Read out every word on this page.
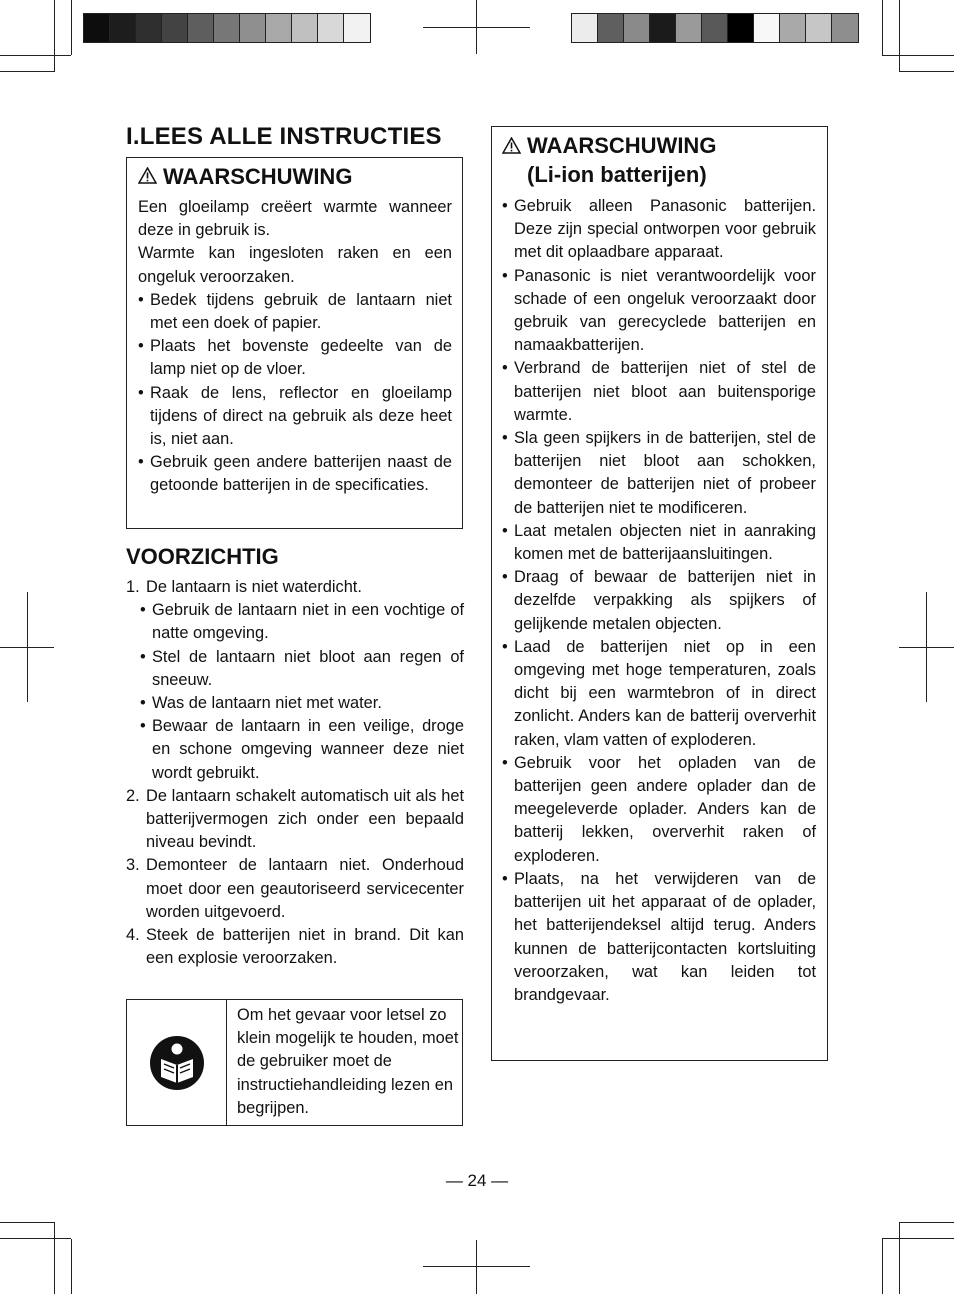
I.LEES ALLE INSTRUCTIES
WAARSCHUWING
Een gloeilamp creëert warmte wanneer deze in gebruik is.
Warmte kan ingesloten raken en een ongeluk veroorzaken.
• Bedek tijdens gebruik de lantaarn niet met een doek of papier.
• Plaats het bovenste gedeelte van de lamp niet op de vloer.
• Raak de lens, reflector en gloeilamp tijdens of direct na gebruik als deze heet is, niet aan.
• Gebruik geen andere batterijen naast de getoonde batterijen in de specificaties.
VOORZICHTIG
1. De lantaarn is niet waterdicht.
• Gebruik de lantaarn niet in een vochtige of natte omgeving.
• Stel de lantaarn niet bloot aan regen of sneeuw.
• Was de lantaarn niet met water.
• Bewaar de lantaarn in een veilige, droge en schone omgeving wanneer deze niet wordt gebruikt.
2. De lantaarn schakelt automatisch uit als het batterijvermogen zich onder een bepaald niveau bevindt.
3. Demonteer de lantaarn niet. Onderhoud moet door een geautoriseerd servicecenter worden uitgevoerd.
4. Steek de batterijen niet in brand. Dit kan een explosie veroorzaken.
Om het gevaar voor letsel zo klein mogelijk te houden, moet de gebruiker moet de instructiehandleiding lezen en begrijpen.
WAARSCHUWING
(Li-ion batterijen)
• Gebruik alleen Panasonic batterijen. Deze zijn special ontworpen voor gebruik met dit oplaadbare apparaat.
• Panasonic is niet verantwoordelijk voor schade of een ongeluk veroorzaakt door gebruik van gerecyclede batterijen en namaakbatterijen.
• Verbrand de batterijen niet of stel de batterijen niet bloot aan buitensporige warmte.
• Sla geen spijkers in de batterijen, stel de batterijen niet bloot aan schokken, demonteer de batterijen niet of probeer de batterijen niet te modificeren.
• Laat metalen objecten niet in aanraking komen met de batterijaansluitingen.
• Draag of bewaar de batterijen niet in dezelfde verpakking als spijkers of gelijkende metalen objecten.
• Laad de batterijen niet op in een omgeving met hoge temperaturen, zoals dicht bij een warmtebron of in direct zonlicht. Anders kan de batterij oververhit raken, vlam vatten of exploderen.
• Gebruik voor het opladen van de batterijen geen andere oplader dan de meegeleverde oplader. Anders kan de batterij lekken, oververhit raken of exploderen.
• Plaats, na het verwijderen van de batterijen uit het apparaat of de oplader, het batterijendeksel altijd terug. Anders kunnen de batterijcontacten kortsluiting veroorzaken, wat kan leiden tot brandgevaar.
— 24 —
